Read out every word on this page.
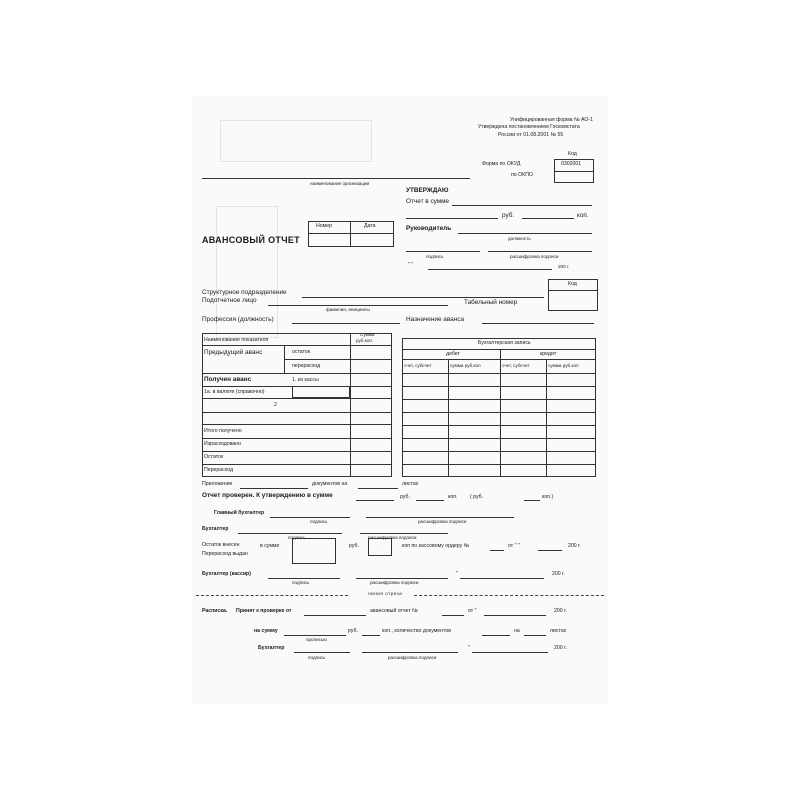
Унифицированная форма № АО-1
Утверждена постановлением Госкомстата
России от 01.08.2001 № 55
Код
Форма по ОКУД	0302001
по ОКПО
наименование организации
УТВЕРЖДАЮ
Отчет в сумме
руб.	коп.
АВАНСОВЫЙ ОТЧЕТ
Номер	Дата	Руководитель
должность
подпись	расшифровка подписи
" "	200 г.
Код
Структурное подразделение
Подотчетное лицо
фамилия, инициалы
Табельный номер
Профессия (должность)	Назначение аванса
Наименование показателя
Сумма
руб.коп.
Предыдущий аванс	остаток
перерасход
Получен аванс	1. из кассы
1а. в валюте (справочно)
2
Итого получено
Израсходовано
Остаток
Перерасход
Бухгалтерская запись
дебет	кредит
счет, субсчет	сумма руб.коп	счет, субсчет	сумма руб.коп
Приложение	документов на	листах
Отчет проверен. К утверждению в сумме	руб.	коп. ( руб.	коп.)
Главный бухгалтер
подпись	расшифровка подписи
Бухгалтер
подпись	расшифровка подписи
Остаток внесен
Перерасход выдан
в сумме	руб.	коп по кассовому ордеру №	от " "	200 г.
Бухгалтер (кассир)
подпись	расшифровка подписи
"	200 г.
линия отреза
Расписка. Принят к проверке от	авансовый отчет №	от "	200 г.
на сумму
прописью
руб.	коп., количество документов	на	листах
Бухгалтер
подпись	расшифровка подписи
"	200 г.
